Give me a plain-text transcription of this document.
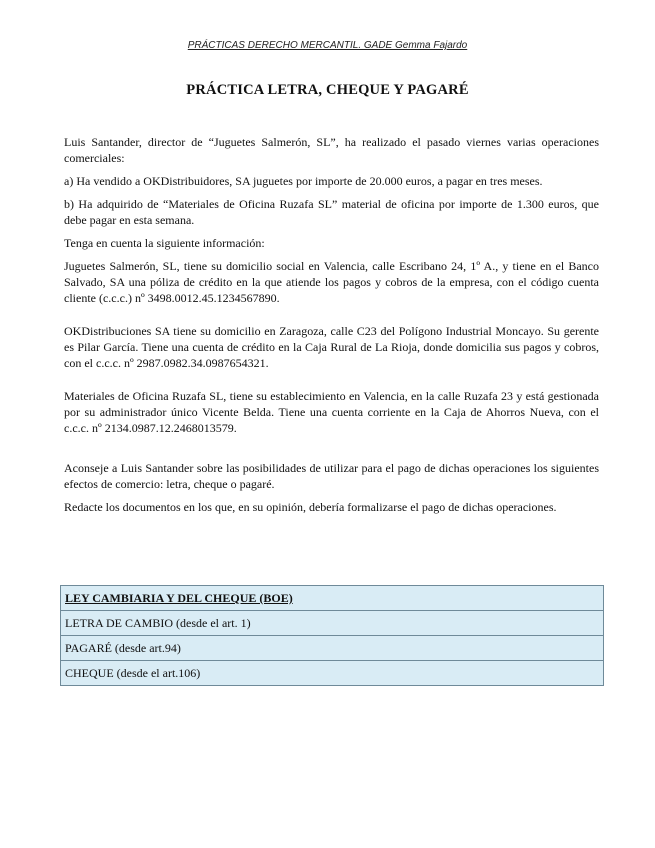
PRÁCTICAS DERECHO MERCANTIL. GADE Gemma Fajardo
PRÁCTICA LETRA, CHEQUE Y PAGARÉ

Luis Santander, director de “Juguetes Salmerón, SL”, ha realizado el pasado viernes varias operaciones comerciales:

a) Ha vendido a OKDistribuidores, SA juguetes por importe de 20.000 euros, a pagar en tres meses.

b) Ha adquirido de “Materiales de Oficina Ruzafa SL” material de oficina por importe de 1.300 euros, que debe pagar en esta semana.

Tenga en cuenta la siguiente información:

Juguetes Salmerón, SL, tiene su domicilio social en Valencia, calle Escribano 24, 1º A., y tiene en el Banco Salvado, SA una póliza de crédito en la que atiende los pagos y cobros de la empresa, con el código cuenta cliente (c.c.c.) nº 3498.0012.45.1234567890.

OKDistribuciones SA tiene su domicilio en Zaragoza, calle C23 del Polígono Industrial Moncayo. Su gerente es Pilar García. Tiene una cuenta de crédito en la Caja Rural de La Rioja, donde domicilia sus pagos y cobros, con el c.c.c. nº 2987.0982.34.0987654321.

Materiales de Oficina Ruzafa SL, tiene su establecimiento en Valencia, en la calle Ruzafa 23 y está gestionada por su administrador único Vicente Belda. Tiene una cuenta corriente en la Caja de Ahorros Nueva, con el c.c.c. nº 2134.0987.12.2468013579.

Aconseje a Luis Santander sobre las posibilidades de utilizar para el pago de dichas operaciones los siguientes efectos de comercio: letra, cheque o pagaré.

Redacte los documentos en los que, en su opinión, debería formalizarse el pago de dichas operaciones.

LEY CAMBIARIA Y DEL CHEQUE (BOE)
LETRA DE CAMBIO (desde el art. 1)
PAGARÉ (desde art.94)
CHEQUE (desde el art.106)
